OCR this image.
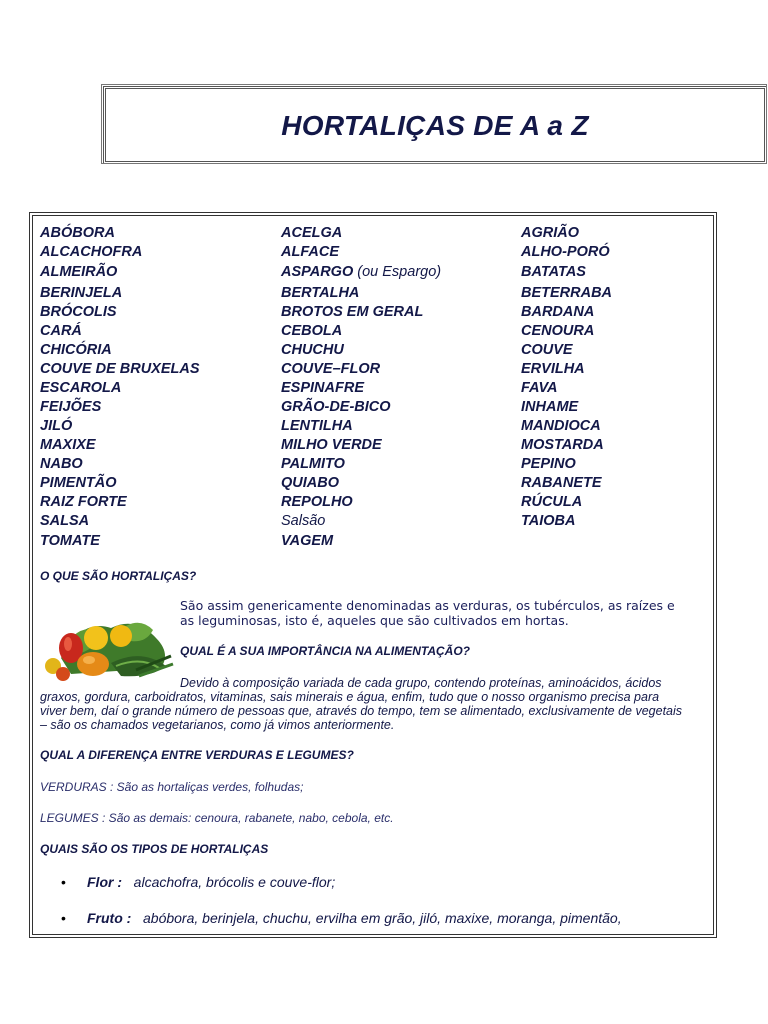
HORTALIÇAS DE A a Z
ABÓBORA	ACELGA	AGRIÃO
ALCACHOFRA	ALFACE	ALHO-PORÓ
ALMEIRÃO	ASPARGO (ou Espargo)	BATATAS
BERINJELA	BERTALHA	BETERRABA
BRÓCOLIS	BROTOS EM GERAL	BARDANA
CARÁ	CEBOLA	CENOURA
CHICÓRIA	CHUCHU	COUVE
COUVE DE BRUXELAS	COUVE–FLOR	ERVILHA
ESCAROLA	ESPINAFRE	FAVA
FEIJÕES	GRÃO-DE-BICO	INHAME
JILÓ	LENTILHA	MANDIOCA
MAXIXE	MILHO VERDE	MOSTARDA
NABO	PALMITO	PEPINO
PIMENTÃO	QUIABO	RABANETE
RAIZ FORTE	REPOLHO	RÚCULA
SALSA	Salsão	TAIOBA
TOMATE	VAGEM
O QUE SÃO HORTALIÇAS?
São assim genericamente denominadas as verduras, os tubérculos, as raízes e
as leguminosas, isto é, aqueles que são cultivados em hortas.
QUAL É A SUA IMPORTÂNCIA NA ALIMENTAÇÃO?
Devido à composição variada de cada grupo, contendo proteínas, aminoácidos, ácidos
graxos, gordura, carboidratos, vitaminas, sais minerais e água, enfim, tudo que o nosso organismo precisa para
viver bem, daí o grande número de pessoas que, através do tempo, tem se alimentado, exclusivamente de vegetais
– são os chamados vegetarianos, como já vimos anteriormente.
QUAL A DIFERENÇA ENTRE VERDURAS E LEGUMES?
VERDURAS : São as hortaliças verdes, folhudas;
LEGUMES : São as demais: cenoura, rabanete, nabo, cebola, etc.
QUAIS SÃO OS TIPOS DE HORTALIÇAS
• Flor : alcachofra, brócolis e couve-flor;
• Fruto : abóbora, berinjela, chuchu, ervilha em grão, jiló, maxixe, moranga, pimentão,
